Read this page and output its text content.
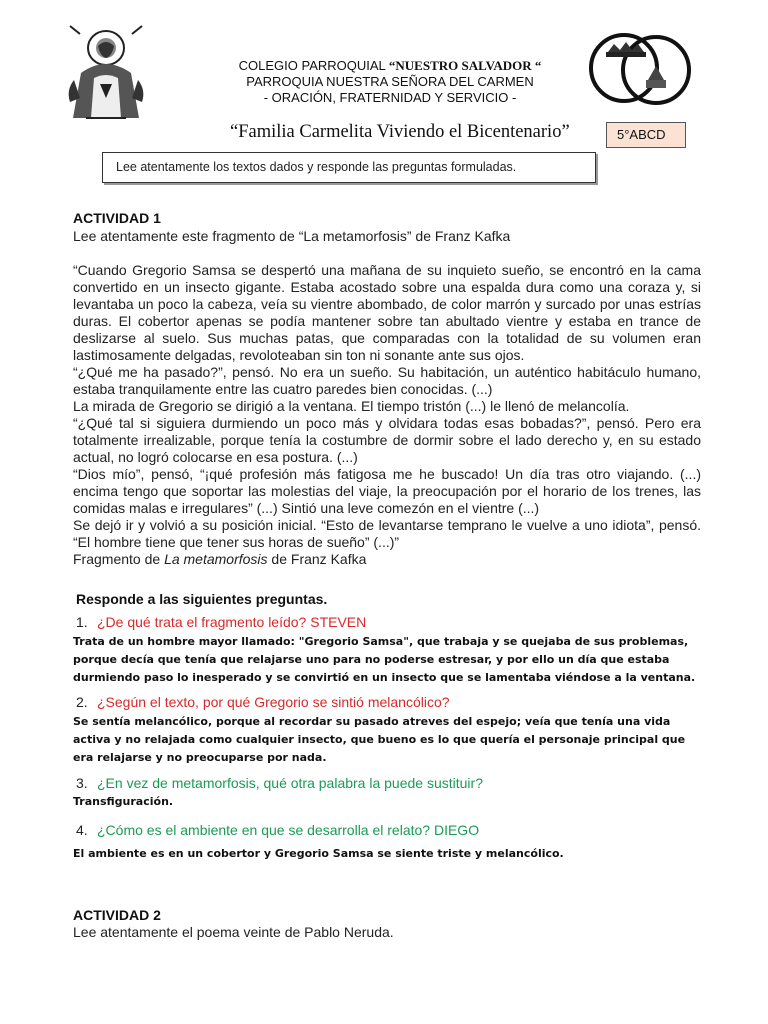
COLEGIO PARROQUIAL “NUESTRO SALVADOR “
PARROQUIA NUESTRA SEÑORA DEL CARMEN
- ORACIÓN, FRATERNIDAD Y SERVICIO -
“Familia Carmelita Viviendo el Bicentenario”	5°ABCD
Lee atentamente los textos dados y responde las preguntas formuladas.
ACTIVIDAD 1
Lee atentamente este fragmento de “La metamorfosis” de Franz Kafka

“Cuando Gregorio Samsa se despertó una mañana de su inquieto sueño, se encontró en la cama convertido en un insecto gigante. Estaba acostado sobre una espalda dura como una coraza y, si levantaba un poco la cabeza, veía su vientre abombado, de color marrón y surcado por unas estrías duras. El cobertor apenas se podía mantener sobre tan abultado vientre y estaba en trance de deslizarse al suelo. Sus muchas patas, que comparadas con la totalidad de su volumen eran lastimosamente delgadas, revoloteaban sin ton ni sonante ante sus ojos.

“¿Qué me ha pasado?”, pensó. No era un sueño. Su habitación, un auténtico habitáculo humano, estaba tranquilamente entre las cuatro paredes bien conocidas. (...)

La mirada de Gregorio se dirigió a la ventana. El tiempo tristón (...) le llenó de melancolía.

“¿Qué tal si siguiera durmiendo un poco más y olvidara todas esas bobadas?”, pensó. Pero era totalmente irrealizable, porque tenía la costumbre de dormir sobre el lado derecho y, en su estado actual, no logró colocarse en esa postura. (...)

“Dios mío”, pensó, “¡qué profesión más fatigosa me he buscado! Un día tras otro viajando. (...) encima tengo que soportar las molestias del viaje, la preocupación por el horario de los trenes, las comidas malas e irregulares” (...) Sintió una leve comezón en el vientre (...)

Se dejó ir y volvió a su posición inicial. “Esto de levantarse temprano le vuelve a uno idiota”, pensó. “El hombre tiene que tener sus horas de sueño” (...)”

Fragmento de La metamorfosis de Franz Kafka

Responde a las siguientes preguntas.
1. ¿De qué trata el fragmento leído? STEVEN
Trata de un hombre mayor llamado: "Gregorio Samsa", que trabaja y se quejaba de sus problemas, porque decía que tenía que relajarse uno para no poderse estresar, y por ello un día que estaba durmiendo paso lo inesperado y se convirtió en un insecto que se lamentaba viéndose a la ventana.
2. ¿Según el texto, por qué Gregorio se sintió melancólico?
Se sentía melancólico, porque al recordar su pasado atreves del espejo; veía que tenía una vida activa y no relajada como cualquier insecto, que bueno es lo que quería el personaje principal que era relajarse y no preocuparse por nada.
3. ¿En vez de metamorfosis, qué otra palabra la puede sustituir?
Transfiguración.
4. ¿Cómo es el ambiente en que se desarrolla el relato? DIEGO
El ambiente es en un cobertor y Gregorio Samsa se siente triste y melancólico.
ACTIVIDAD 2
Lee atentamente el poema veinte de Pablo Neruda.
